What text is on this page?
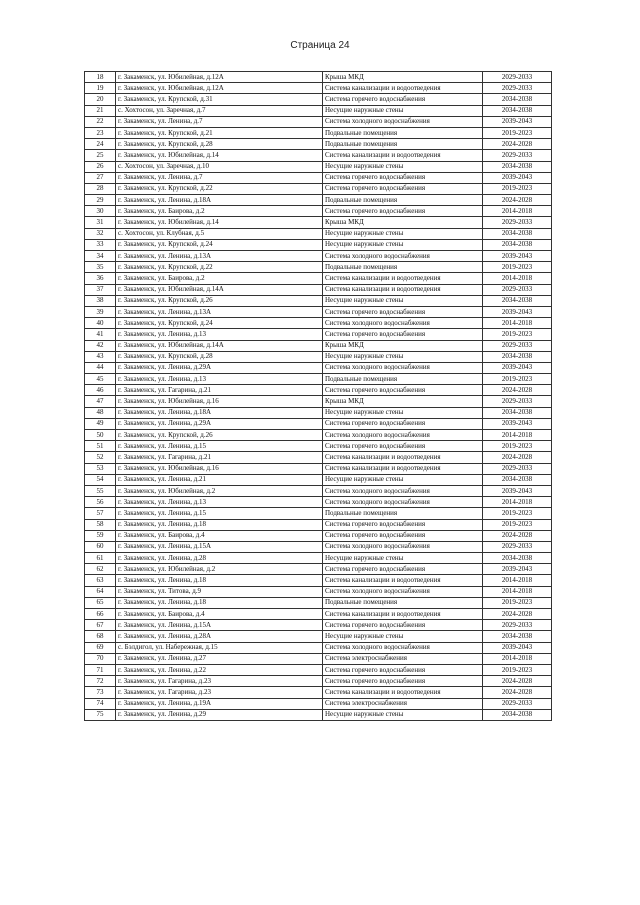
Страница 24
18	г. Закаменск, ул. Юбилейная, д.12А	Крыша МКД	2029-2033
19	г. Закаменск, ул. Юбилейная, д.12А	Система канализации и водоотведения	2029-2033
20	г. Закаменск, ул. Крупской, д.31	Система горячего водоснабжения	2034-2038
21	с. Хохтосон, ул. Заречная, д.7	Несущие наружные стены	2034-2038
22	г. Закаменск, ул. Ленина, д.7	Система холодного водоснабжения	2039-2043
23	г. Закаменск, ул. Крупской, д.21	Подвальные помещения	2019-2023
24	г. Закаменск, ул. Крупской, д.28	Подвальные помещения	2024-2028
25	г. Закаменск, ул. Юбилейная, д.14	Система канализации и водоотведения	2029-2033
26	с. Хохтосон, ул. Заречная, д.10	Несущие наружные стены	2034-2038
27	г. Закаменск, ул. Ленина, д.7	Система горячего водоснабжения	2039-2043
28	г. Закаменск, ул. Крупской, д.22	Система горячего водоснабжения	2019-2023
29	г. Закаменск, ул. Ленина, д.18А	Подвальные помещения	2024-2028
30	г. Закаменск, ул. Баирова, д.2	Система горячего водоснабжения	2014-2018
31	г. Закаменск, ул. Юбилейная, д.14	Крыша МКД	2029-2033
32	с. Хохтосон, ул. Клубная, д.5	Несущие наружные стены	2034-2038
33	г. Закаменск, ул. Крупской, д.24	Несущие наружные стены	2034-2038
34	г. Закаменск, ул. Ленина, д.13А	Система холодного водоснабжения	2039-2043
35	г. Закаменск, ул. Крупской, д.22	Подвальные помещения	2019-2023
36	г. Закаменск, ул. Баирова, д.2	Система канализации и водоотведения	2014-2018
37	г. Закаменск, ул. Юбилейная, д.14А	Система канализации и водоотведения	2029-2033
38	г. Закаменск, ул. Крупской, д.26	Несущие наружные стены	2034-2038
39	г. Закаменск, ул. Ленина, д.13А	Система горячего водоснабжения	2039-2043
40	г. Закаменск, ул. Крупской, д.24	Система холодного водоснабжения	2014-2018
41	г. Закаменск, ул. Ленина, д.13	Система горячего водоснабжения	2019-2023
42	г. Закаменск, ул. Юбилейная, д.14А	Крыша МКД	2029-2033
43	г. Закаменск, ул. Крупской, д.28	Несущие наружные стены	2034-2038
44	г. Закаменск, ул. Ленина, д.29А	Система холодного водоснабжения	2039-2043
45	г. Закаменск, ул. Ленина, д.13	Подвальные помещения	2019-2023
46	г. Закаменск, ул. Гагарина, д.21	Система горячего водоснабжения	2024-2028
47	г. Закаменск, ул. Юбилейная, д.16	Крыша МКД	2029-2033
48	г. Закаменск, ул. Ленина, д.18А	Несущие наружные стены	2034-2038
49	г. Закаменск, ул. Ленина, д.29А	Система горячего водоснабжения	2039-2043
50	г. Закаменск, ул. Крупской, д.26	Система холодного водоснабжения	2014-2018
51	г. Закаменск, ул. Ленина, д.15	Система горячего водоснабжения	2019-2023
52	г. Закаменск, ул. Гагарина, д.21	Система канализации и водоотведения	2024-2028
53	г. Закаменск, ул. Юбилейная, д.16	Система канализации и водоотведения	2029-2033
54	г. Закаменск, ул. Ленина, д.21	Несущие наружные стены	2034-2038
55	г. Закаменск, ул. Юбилейная, д.2	Система холодного водоснабжения	2039-2043
56	г. Закаменск, ул. Ленина, д.13	Система холодного водоснабжения	2014-2018
57	г. Закаменск, ул. Ленина, д.15	Подвальные помещения	2019-2023
58	г. Закаменск, ул. Ленина, д.18	Система горячего водоснабжения	2019-2023
59	г. Закаменск, ул. Баирова, д.4	Система горячего водоснабжения	2024-2028
60	г. Закаменск, ул. Ленина, д.15А	Система холодного водоснабжения	2029-2033
61	г. Закаменск, ул. Ленина, д.28	Несущие наружные стены	2034-2038
62	г. Закаменск, ул. Юбилейная, д.2	Система горячего водоснабжения	2039-2043
63	г. Закаменск, ул. Ленина, д.18	Система канализации и водоотведения	2014-2018
64	г. Закаменск, ул. Титова, д.9	Система холодного водоснабжения	2014-2018
65	г. Закаменск, ул. Ленина, д.18	Подвальные помещения	2019-2023
66	г. Закаменск, ул. Баирова, д.4	Система канализации и водоотведения	2024-2028
67	г. Закаменск, ул. Ленина, д.15А	Система горячего водоснабжения	2029-2033
68	г. Закаменск, ул. Ленина, д.28А	Несущие наружные стены	2034-2038
69	с. Бэлдигол, ул. Набережная, д.15	Система холодного водоснабжения	2039-2043
70	г. Закаменск, ул. Ленина, д.27	Система электроснабжения	2014-2018
71	г. Закаменск, ул. Ленина, д.22	Система горячего водоснабжения	2019-2023
72	г. Закаменск, ул. Гагарина, д.23	Система горячего водоснабжения	2024-2028
73	г. Закаменск, ул. Гагарина, д.23	Система канализации и водоотведения	2024-2028
74	г. Закаменск, ул. Ленина, д.19А	Система электроснабжения	2029-2033
75	г. Закаменск, ул. Ленина, д.29	Несущие наружные стены	2034-2038
